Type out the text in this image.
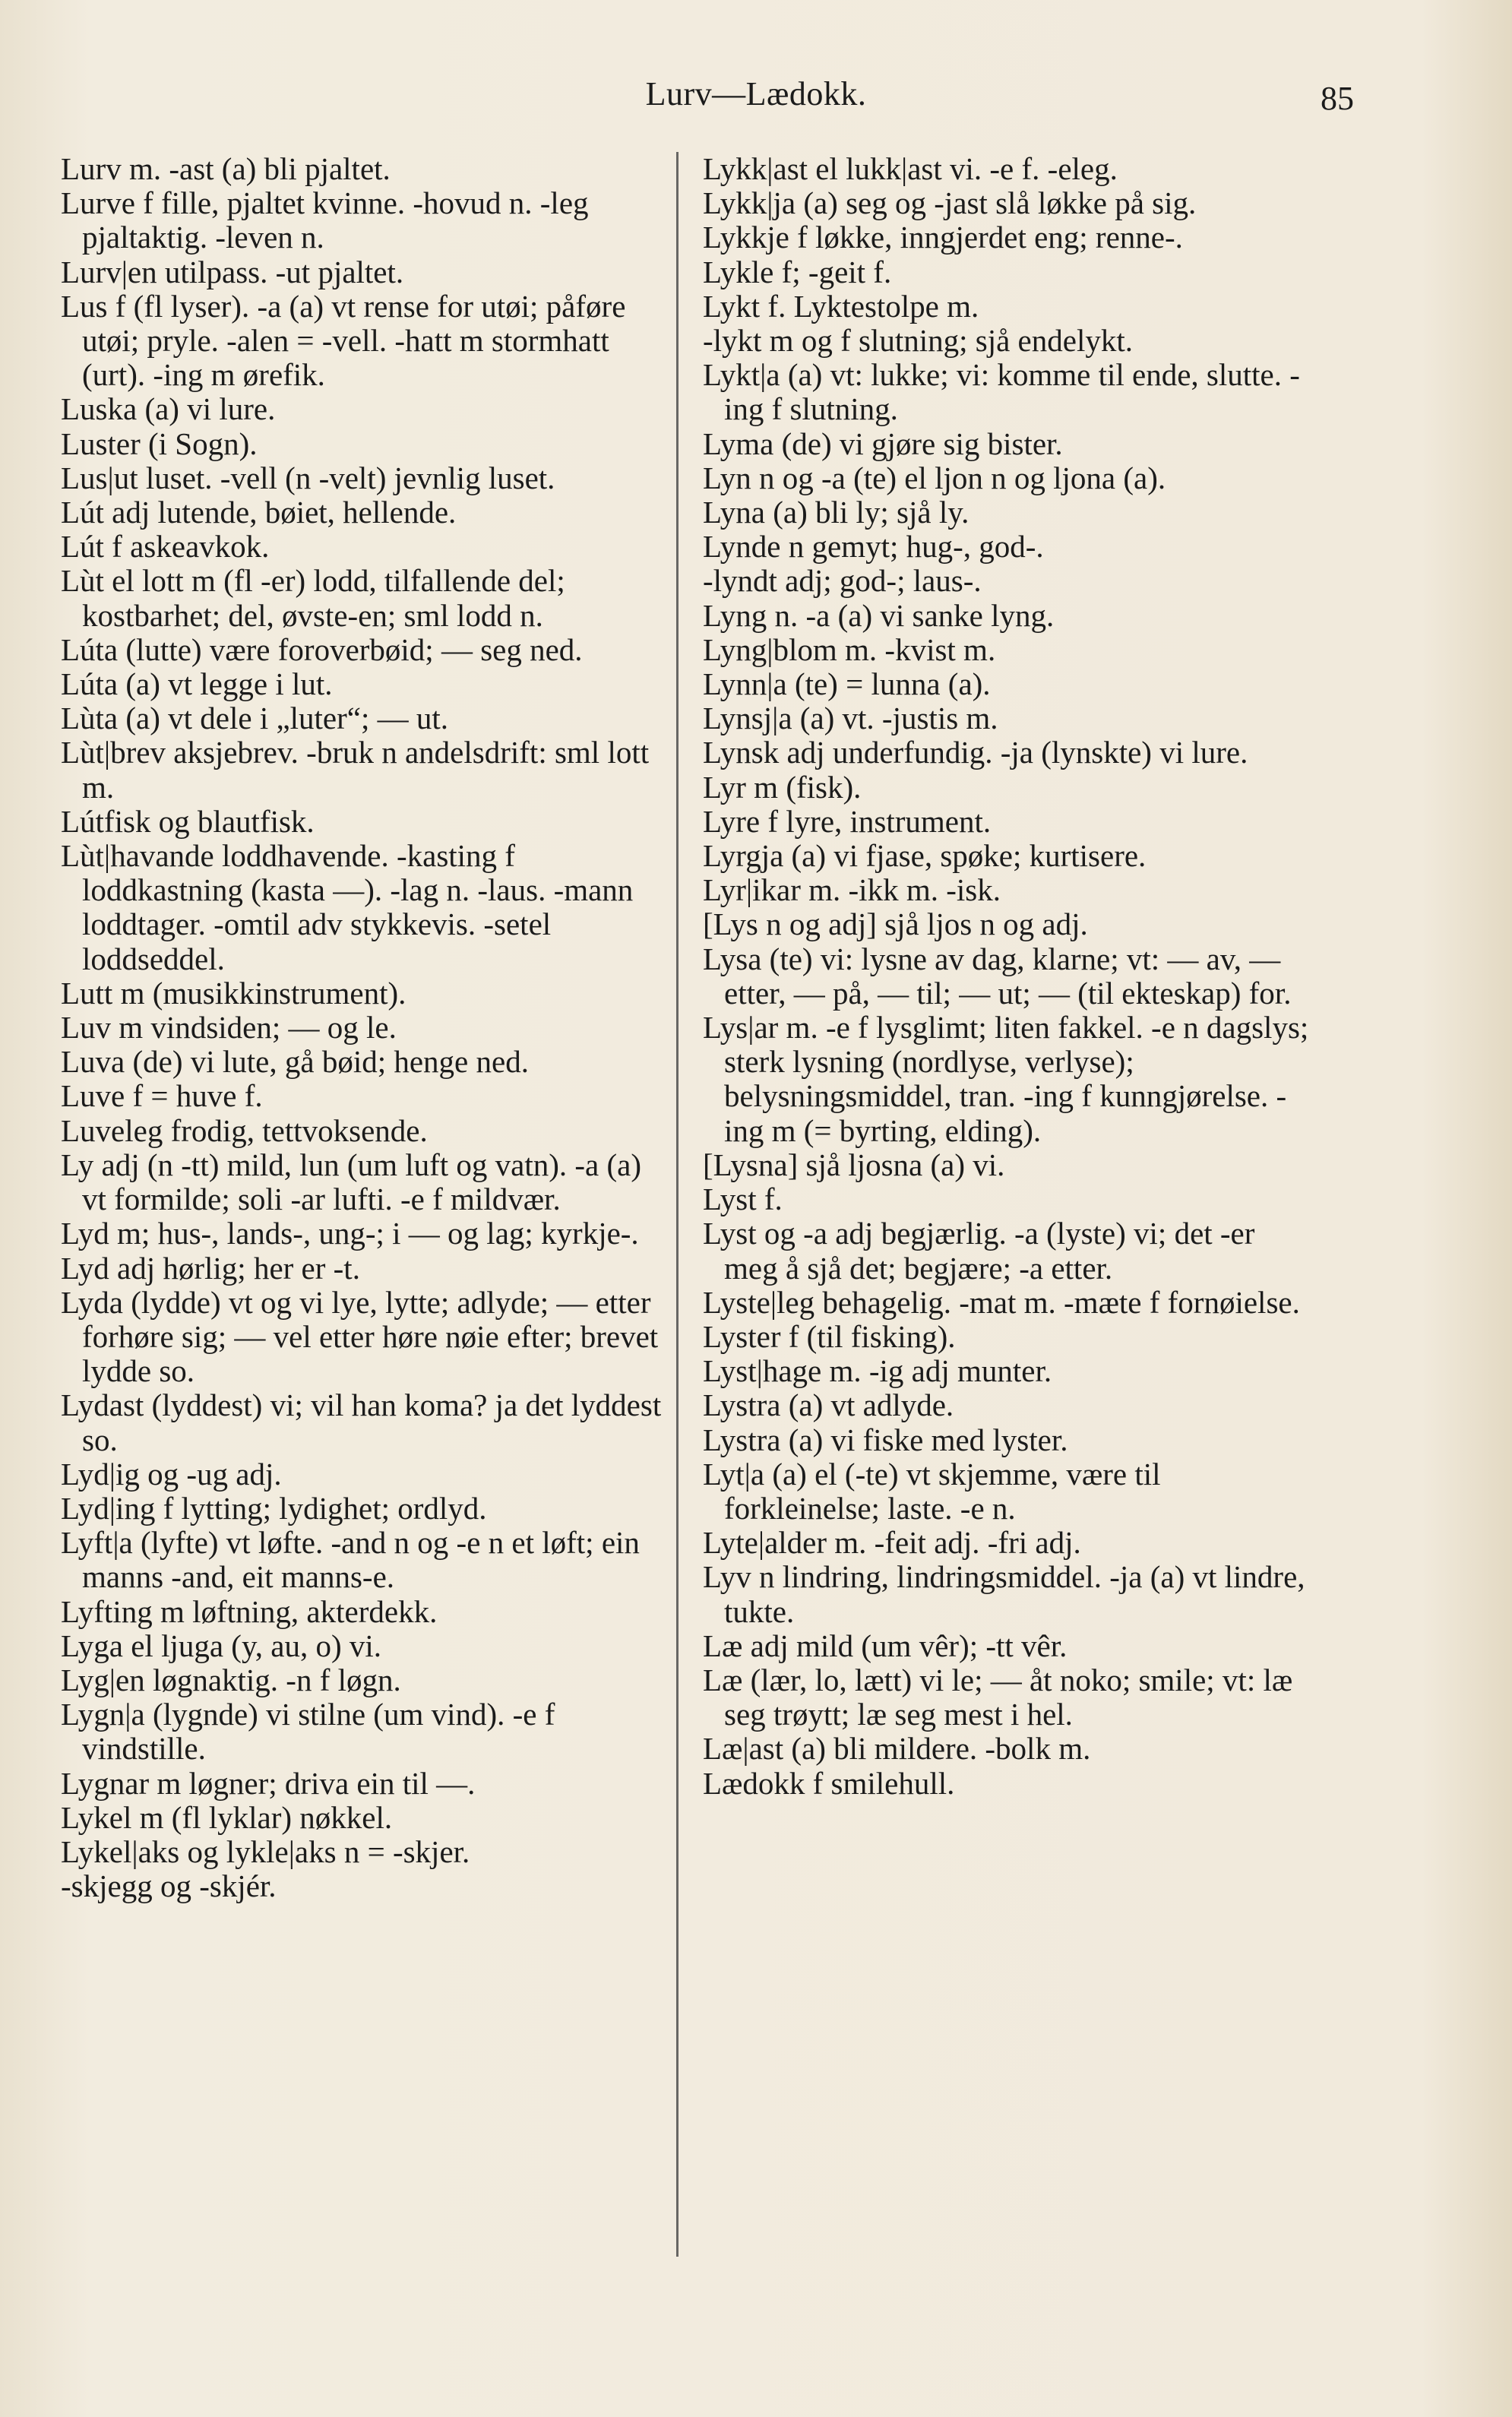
Lurv—Lædokk.	85

Lurv m. -ast (a) bli pjaltet.

Lurve f fille, pjaltet kvinne. -hovud n. -leg pjaltaktig. -leven n.

Lurv|en utilpass. -ut pjaltet.

Lus f (fl lyser). -a (a) vt rense for utøi; påføre utøi; pryle. -alen = -vell. -hatt m stormhatt (urt). -ing m ørefik.

Luska (a) vi lure.

Luster (i Sogn).

Lus|ut luset. -vell (n -velt) jevnlig luset.

Lút adj lutende, bøiet, hellende.

Lút f askeavkok.

Lùt el lott m (fl -er) lodd, tilfallende del; kostbarhet; del, øvste-en; sml lodd n.

Lúta (lutte) være foroverbøid; — seg ned.

Lúta (a) vt legge i lut.

Lùta (a) vt dele i „luter“; — ut.

Lùt|brev aksjebrev. -bruk n andelsdrift: sml lott m.

Lútfisk og blautfisk.

Lùt|havande loddhavende. -kasting f loddkastning (kasta —). -lag n. -laus. -mann loddtager. -omtil adv stykkevis. -setel loddseddel.

Lutt m (musikkinstrument).

Luv m vindsiden; — og le.

Luva (de) vi lute, gå bøid; henge ned.

Luve f = huve f.

Luveleg frodig, tettvoksende.

Ly adj (n -tt) mild, lun (um luft og vatn). -a (a) vt formilde; soli -ar lufti. -e f mildvær.

Lyd m; hus-, lands-, ung-; i — og lag; kyrkje-.

Lyd adj hørlig; her er -t.

Lyda (lydde) vt og vi lye, lytte; adlyde; — etter forhøre sig; — vel etter høre nøie efter; brevet lydde so.

Lydast (lyddest) vi; vil han koma? ja det lyddest so.

Lyd|ig og -ug adj.

Lyd|ing f lytting; lydighet; ordlyd.

Lyft|a (lyfte) vt løfte. -and n og -e n et løft; ein manns -and, eit manns-e.

Lyfting m løftning, akterdekk.

Lyga el ljuga (y, au, o) vi.

Lyg|en løgnaktig. -n f løgn.

Lygn|a (lygnde) vi stilne (um vind). -e f vindstille.

Lygnar m løgner; driva ein til —.

Lykel m (fl lyklar) nøkkel.

Lykel|aks og lykle|aks n = -skjer.

-skjegg og -skjér.

Lykk|ast el lukk|ast vi. -e f. -eleg.

Lykk|ja (a) seg og -jast slå løkke på sig.

Lykkje f løkke, inngjerdet eng; renne-.

Lykle f; -geit f.

Lykt f. Lyktestolpe m.

-lykt m og f slutning; sjå endelykt.

Lykt|a (a) vt: lukke; vi: komme til ende, slutte. -ing f slutning.

Lyma (de) vi gjøre sig bister.

Lyn n og -a (te) el ljon n og ljona (a).

Lyna (a) bli ly; sjå ly.

Lynde n gemyt; hug-, god-.

-lyndt adj; god-; laus-.

Lyng n. -a (a) vi sanke lyng.

Lyng|blom m. -kvist m.

Lynn|a (te) = lunna (a).

Lynsj|a (a) vt. -justis m.

Lynsk adj underfundig. -ja (lynskte) vi lure.

Lyr m (fisk).

Lyre f lyre, instrument.

Lyrgja (a) vi fjase, spøke; kurtisere.

Lyr|ikar m. -ikk m. -isk.

[Lys n og adj] sjå ljos n og adj.

Lysa (te) vi: lysne av dag, klarne; vt: — av, — etter, — på, — til; — ut; — (til ekteskap) for.

Lys|ar m. -e f lysglimt; liten fakkel. -e n dagslys; sterk lysning (nordlyse, verlyse); belysningsmiddel, tran. -ing f kunngjørelse. -ing m (= byrting, elding).

[Lysna] sjå ljosna (a) vi.

Lyst f.

Lyst og -a adj begjærlig. -a (lyste) vi; det -er meg å sjå det; begjære; -a etter.

Lyste|leg behagelig. -mat m. -mæte f fornøielse.

Lyster f (til fisking).

Lyst|hage m. -ig adj munter.

Lystra (a) vt adlyde.

Lystra (a) vi fiske med lyster.

Lyt|a (a) el (-te) vt skjemme, være til forkleinelse; laste. -e n.

Lyte|alder m. -feit adj. -fri adj.

Lyv n lindring, lindringsmiddel. -ja (a) vt lindre, tukte.

Læ adj mild (um vêr); -tt vêr.

Læ (lær, lo, lætt) vi le; — åt noko; smile; vt: læ seg trøytt; læ seg mest i hel.

Læ|ast (a) bli mildere. -bolk m.

Lædokk f smilehull.
